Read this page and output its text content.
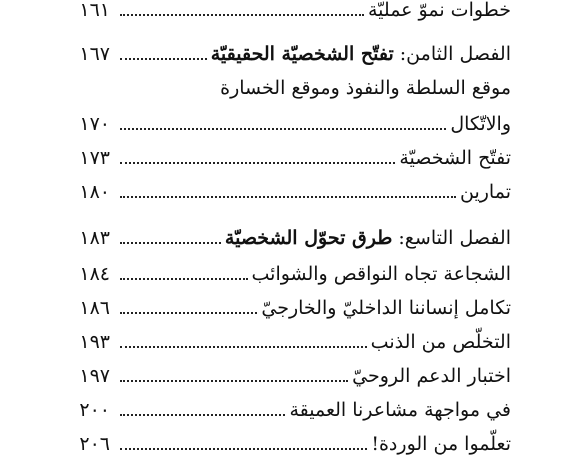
خطوات نموّ عمليّة
١٦١
الفصل الثامن: تفتّح الشخصيّة الحقيقيّة
١٦٧
موقع السلطة والنفوذ وموقع الخسارة
والاتّكال
١٧٠
تفتّح الشخصيّة
١٧٣
تمارين
١٨٠
الفصل التاسع: طرق تحوّل الشخصيّة
١٨٣
الشجاعة تجاه النواقص والشوائب
١٨٤
تكامل إنساننا الداخليّ والخارجيّ
١٨٦
التخلّص من الذنب
١٩٣
اختبار الدعم الروحيّ
١٩٧
في مواجهة مشاعرنا العميقة
٢٠٠
تعلّموا من الوردة!
٢٠٦
